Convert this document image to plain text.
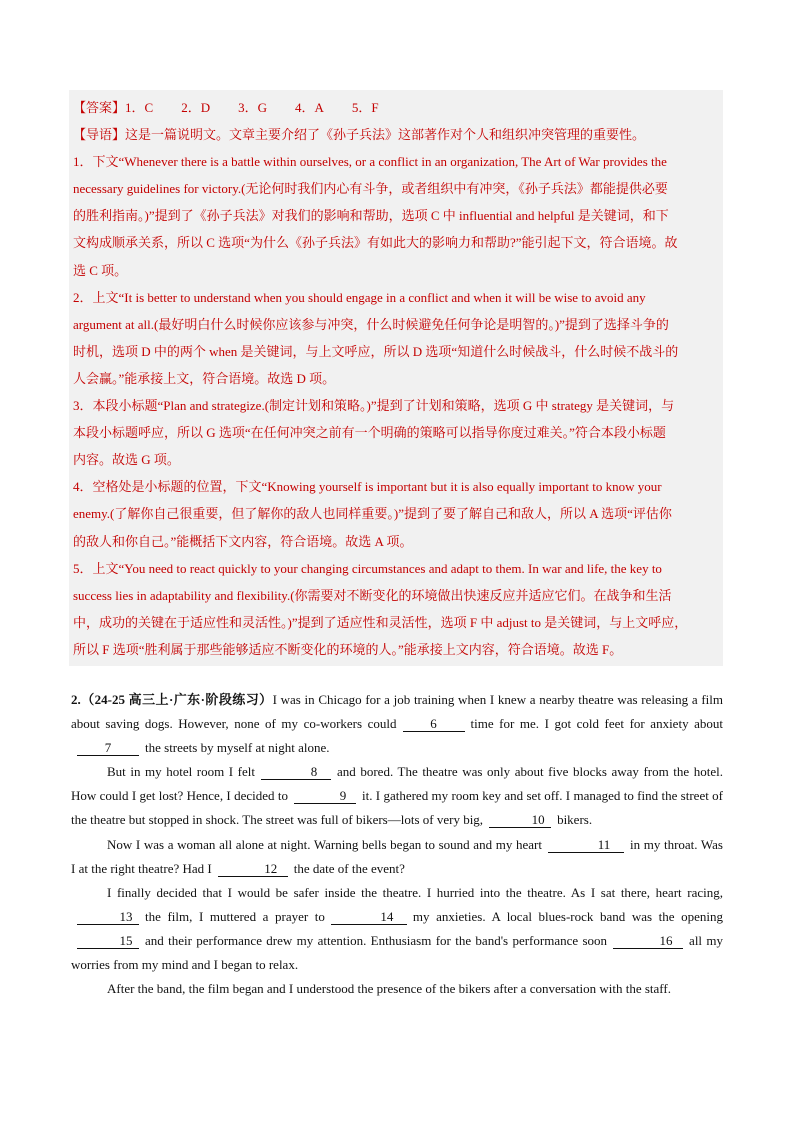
【答案】1．C 2．D 3．G 4．A 5．F
【导语】这是一篇说明文。文章主要介绍了《孙子兵法》这部著作对个人和组织冲突管理的重要性。
1．下文“Whenever there is a battle within ourselves, or a conflict in an organization, The Art of War provides the
necessary guidelines for victory.(无论何时我们内心有斗争，或者组织中有冲突，《孙子兵法》都能提供必要
的胜利指南。)”提到了《孙子兵法》对我们的影响和帮助，选项 C 中 influential and helpful 是关键词，和下
文构成顺承关系，所以 C 选项“为什么《孙子兵法》有如此大的影响力和帮助?”能引起下文，符合语境。故
选 C 项。
2．上文“It is better to understand when you should engage in a conflict and when it will be wise to avoid any
argument at all.(最好明白什么时候你应该参与冲突，什么时候避免任何争论是明智的。)”提到了选择斗争的
时机，选项 D 中的两个 when 是关键词，与上文呼应，所以 D 选项“知道什么时候战斗，什么时候不战斗的
人会赢。”能承接上文，符合语境。故选 D 项。
3．本段小标题“Plan and strategize.(制定计划和策略。)”提到了计划和策略，选项 G 中 strategy 是关键词，与
本段小标题呼应，所以 G 选项“在任何冲突之前有一个明确的策略可以指导你度过难关。”符合本段小标题
内容。故选 G 项。
4．空格处是小标题的位置，下文“Knowing yourself is important but it is also equally important to know your
enemy.(了解你自己很重要，但了解你的敌人也同样重要。)”提到了要了解自己和敌人，所以 A 选项“评估你
的敌人和你自己。”能概括下文内容，符合语境。故选 A 项。
5．上文“You need to react quickly to your changing circumstances and adapt to them. In war and life, the key to
success lies in adaptability and flexibility.(你需要对不断变化的环境做出快速反应并适应它们。在战争和生活
中，成功的关键在于适应性和灵活性。)”提到了适应性和灵活性，选项 F 中 adjust to 是关键词，与上文呼应，
所以 F 选项“胜利属于那些能够适应不断变化的环境的人。”能承接上文内容，符合语境。故选 F。

2.（24-25 高三上·广东·阶段练习）I was in Chicago for a job training when I knew a nearby theatre was releasing a film about saving dogs. However, none of my co-workers could	6	time for me. I got cold feet for anxiety about7	the streets by myself at night alone.

But in my hotel room I felt	8 and bored. The theatre was only about five blocks away from the hotel. How could I get lost? Hence, I decided to	9 it. I gathered my room key and set off. I managed to find the street of the theatre but stopped in shock. The street was full of bikers—lots of very big,	10 bikers.

Now I was a woman all alone at night. Warning bells began to sound and my heart	11 in my throat. Was I at the right theatre? Had I	12 the date of the event?

I finally decided that I would be safer inside the theatre. I hurried into the theatre. As I sat there, heart racing,13 the film, I muttered a prayer to	14 my anxieties. A local blues-rock band was the opening15 and their performance drew my attention. Enthusiasm for the band's performance soon	16 all my worries from my mind and I began to relax.

After the band, the film began and I understood the presence of the bikers after a conversation with the staff.
